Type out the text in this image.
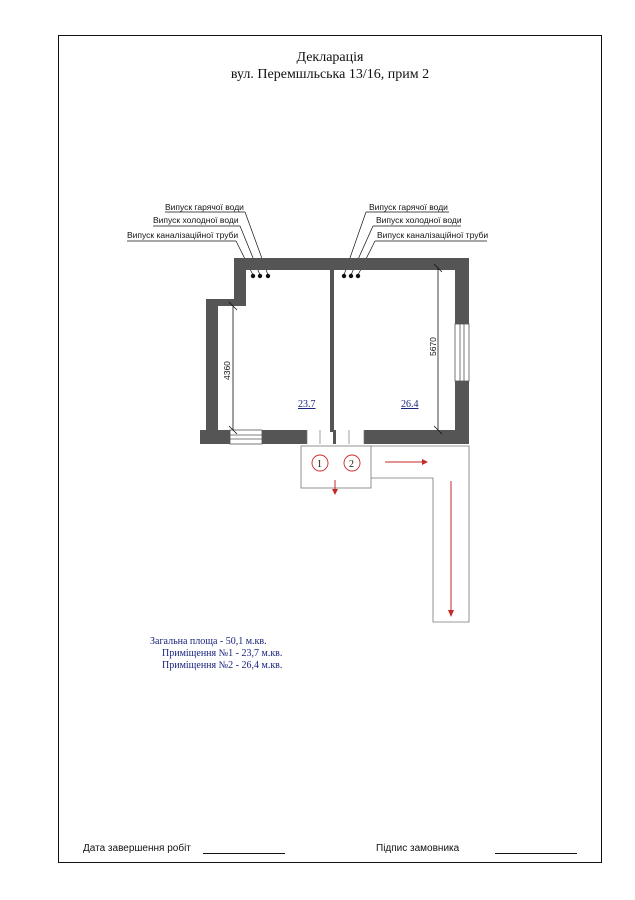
Декларація
вул. Перемшльська 13/16, прим 2
Випуск гарячої води
Випуск холодної води
Випуск каналізаційної труби
Випуск гарячої води
Випуск холодної води
Випуск каналізаційної труби
4360
5670
23.7	26.4
1	2
Загальна площа - 50,1 м.кв.
Приміщення №1 - 23,7 м.кв.
Приміщення №2 - 26,4 м.кв.
Дата завершення робіт	Підпис замовника
